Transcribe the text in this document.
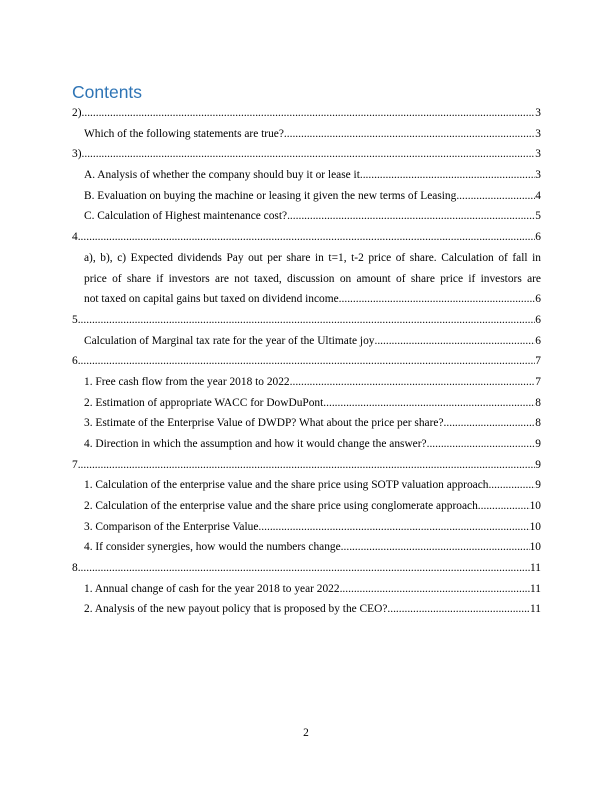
Contents
2) .....	3
Which of the following statements are true? .....	3
3) .....	3
A. Analysis of whether the company should buy it or lease it .....	3
B. Evaluation on buying the machine or leasing it given the new terms of Leasing .....	4
C. Calculation of Highest maintenance cost? .....	5
4. .....	6
a), b), c) Expected dividends Pay out per share in t=1, t-2 price of share. Calculation of fall in
price of share if investors are not taxed, discussion on amount of share price if investors are
not taxed on capital gains but taxed on dividend income .....	6
5. .....	6
Calculation of Marginal tax rate for the year of the Ultimate joy .....	6
6. .....	7
1. Free cash flow from the year 2018 to 2022 .....	7
2. Estimation of appropriate WACC for DowDuPont .....	8
3. Estimate of the Enterprise Value of DWDP? What about the price per share? .....	8
4. Direction in which the assumption and how it would change the answer? .....	9
7. .....	9
1. Calculation of the enterprise value and the share price using SOTP valuation approach .....	9
2. Calculation of the enterprise value and the share price using conglomerate approach .....	10
3. Comparison of the Enterprise Value .....	10
4. If consider synergies, how would the numbers change .....	10
8. .....	11
1. Annual change of cash for the year 2018 to year 2022 .....	11
2. Analysis of the new payout policy that is proposed by the CEO? .....	11
2
